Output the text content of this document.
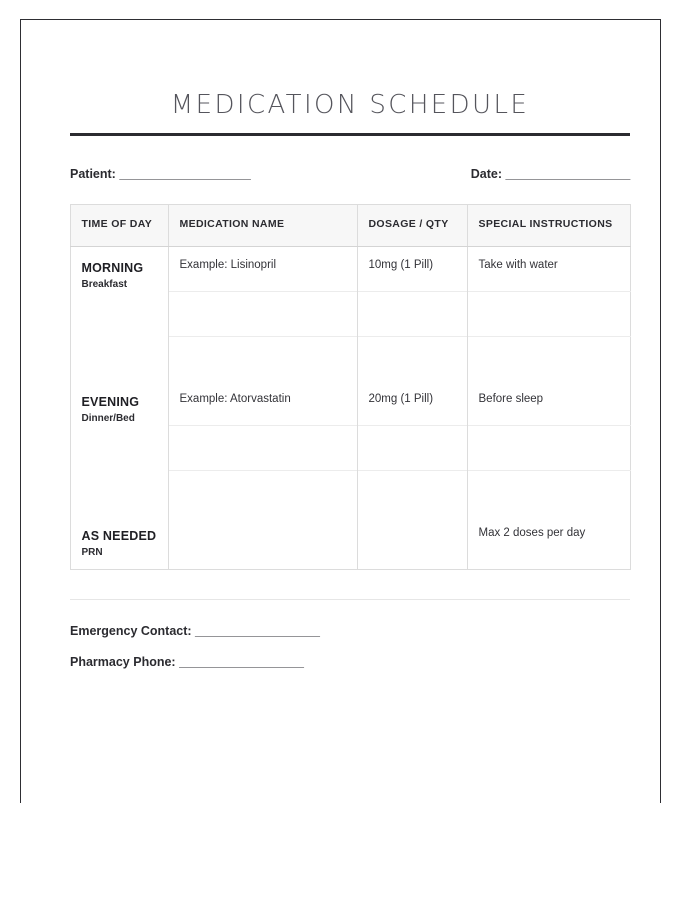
MEDICATION SCHEDULE
Patient: ____________________	Date: ___________________
TIME OF DAY	MEDICATION NAME	DOSAGE / QTY	SPECIAL INSTRUCTIONS

MORNING
Breakfast	Example: Lisinopril	10mg (1 Pill)	Take with water

EVENING
Dinner/Bed	Example: Atorvastatin	20mg (1 Pill)	Before sleep

AS NEEDED
PRN			Max 2 doses per day
Emergency Contact: ___________________
Pharmacy Phone: ___________________
